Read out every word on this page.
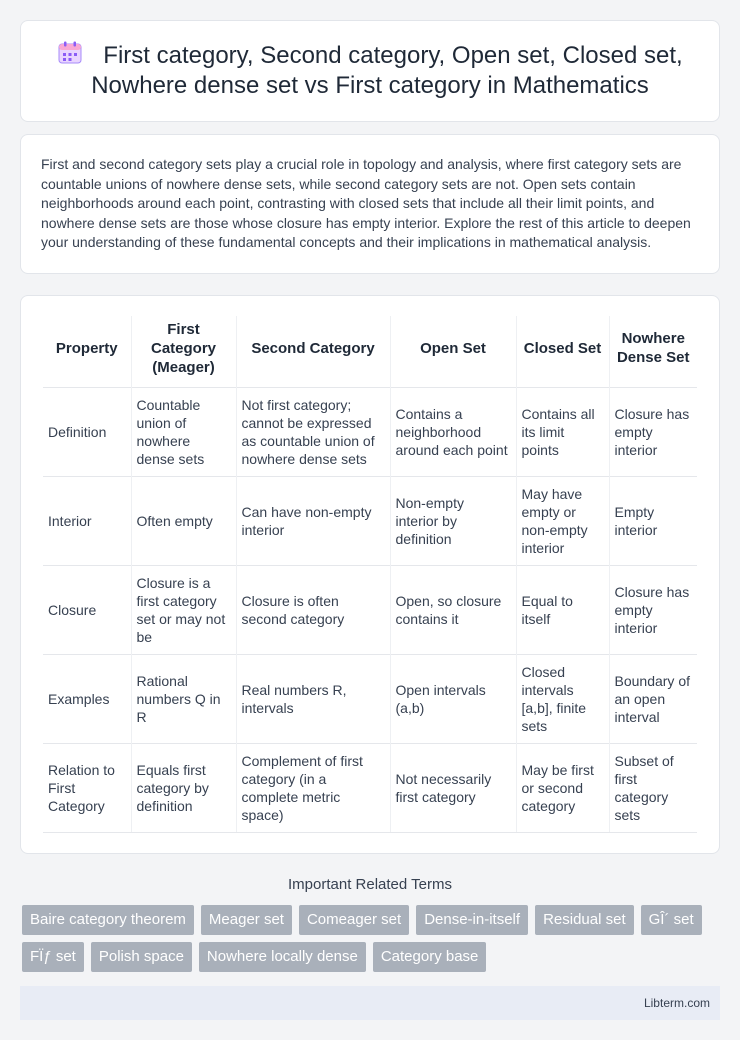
First category, Second category, Open set, Closed set, Nowhere dense set vs First category in Mathematics

First and second category sets play a crucial role in topology and analysis, where first category sets are countable unions of nowhere dense sets, while second category sets are not. Open sets contain neighborhoods around each point, contrasting with closed sets that include all their limit points, and nowhere dense sets are those whose closure has empty interior. Explore the rest of this article to deepen your understanding of these fundamental concepts and their implications in mathematical analysis.

Property	First Category (Meager)	Second Category	Open Set	Closed Set	Nowhere Dense Set
Definition	Countable union of nowhere dense sets	Not first category; cannot be expressed as countable union of nowhere dense sets	Contains a neighborhood around each point	Contains all its limit points	Closure has empty interior
Interior	Often empty	Can have non-empty interior	Non-empty interior by definition	May have empty or non-empty interior	Empty interior
Closure	Closure is a first category set or may not be	Closure is often second category	Open, so closure contains it	Equal to itself	Closure has empty interior
Examples	Rational numbers Q in R	Real numbers R, intervals	Open intervals (a,b)	Closed intervals [a,b], finite sets	Boundary of an open interval
Relation to First Category	Equals first category by definition	Complement of first category (in a complete metric space)	Not necessarily first category	May be first or second category	Subset of first category sets
Important Related Terms
Baire category theorem	Meager set	Comeager set	Dense-in-itself	Residual set	GÎ´ set
FÏƒ set	Polish space	Nowhere locally dense	Category base
Libterm.com
